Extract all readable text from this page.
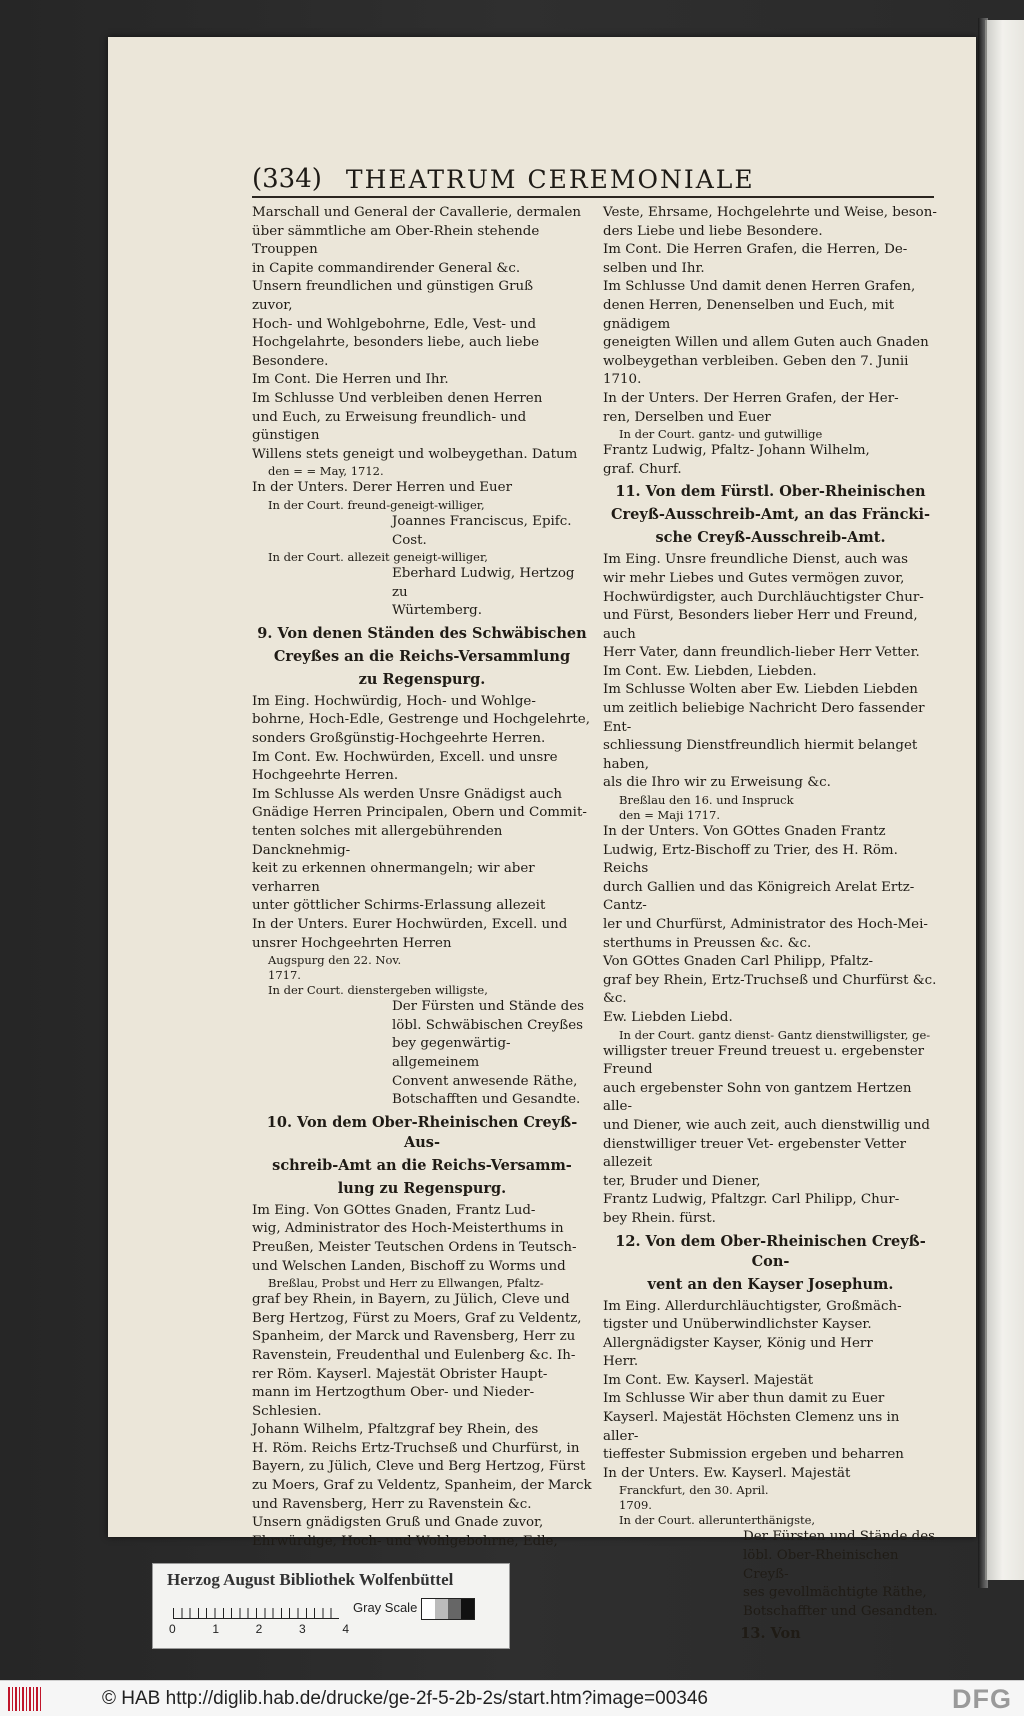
(334) THEATRUM CEREMONIALE

Marschall und General der Cavallerie, dermalen

über sämmtliche am Ober-Rhein stehende Trouppen

in Capite commandirender General &c.

Unsern freundlichen und günstigen Gruß

zuvor,

Hoch- und Wohlgebohrne, Edle, Vest- und

Hochgelahrte, besonders liebe, auch liebe Besondere.

Im Cont. Die Herren und Ihr.

Im Schlusse Und verbleiben denen Herren

und Euch, zu Erweisung freundlich- und günstigen

Willens stets geneigt und wolbeygethan. Datum

den = = May, 1712.

In der Unters. Derer Herren und Euer

In der Court. freund-geneigt-williger,

Joannes Franciscus, Epifc. Cost.

In der Court. allezeit geneigt-williger,

Eberhard Ludwig, Hertzog zu

Würtemberg.

9. Von denen Ständen des Schwäbischen

Creyßes an die Reichs-Versammlung

zu Regenspurg.

Im Eing. Hochwürdig, Hoch- und Wohlge-

bohrne, Hoch-Edle, Gestrenge und Hochgelehrte,

sonders Großgünstig-Hochgeehrte Herren.

Im Cont. Ew. Hochwürden, Excell. und unsre

Hochgeehrte Herren.

Im Schlusse Als werden Unsre Gnädigst auch

Gnädige Herren Principalen, Obern und Commit-

tenten solches mit allergebührenden Dancknehmig-

keit zu erkennen ohnermangeln; wir aber verharren

unter göttlicher Schirms-Erlassung allezeit

In der Unters. Eurer Hochwürden, Excell. und

unsrer Hochgeehrten Herren

Augspurg den 22. Nov.

1717.

In der Court. dienstergeben willigste,

Der Fürsten und Stände des

löbl. Schwäbischen Creyßes

bey gegenwärtig-allgemeinem

Convent anwesende Räthe,

Botschafften und Gesandte.

10. Von dem Ober-Rheinischen Creyß-Aus-

schreib-Amt an die Reichs-Versamm-

lung zu Regenspurg.

Im Eing. Von GOttes Gnaden, Frantz Lud-

wig, Administrator des Hoch-Meisterthums in

Preußen, Meister Teutschen Ordens in Teutsch-

und Welschen Landen, Bischoff zu Worms und

Breßlau, Probst und Herr zu Ellwangen, Pfaltz-

graf bey Rhein, in Bayern, zu Jülich, Cleve und

Berg Hertzog, Fürst zu Moers, Graf zu Veldentz,

Spanheim, der Marck und Ravensberg, Herr zu

Ravenstein, Freudenthal und Eulenberg &c. Ih-

rer Röm. Kayserl. Majestät Obrister Haupt-

mann im Hertzogthum Ober- und Nieder-Schlesien.

Johann Wilhelm, Pfaltzgraf bey Rhein, des

H. Röm. Reichs Ertz-Truchseß und Churfürst, in

Bayern, zu Jülich, Cleve und Berg Hertzog, Fürst

zu Moers, Graf zu Veldentz, Spanheim, der Marck

und Ravensberg, Herr zu Ravenstein &c.

Unsern gnädigsten Gruß und Gnade zuvor,

Ehrwürdige, Hoch- und Wohlgebohrne, Edle,

Veste, Ehrsame, Hochgelehrte und Weise, beson-

ders Liebe und liebe Besondere.

Im Cont. Die Herren Grafen, die Herren, De-

selben und Ihr.

Im Schlusse Und damit denen Herren Grafen,

denen Herren, Denenselben und Euch, mit gnädigem

geneigten Willen und allem Guten auch Gnaden

wolbeygethan verbleiben. Geben den 7. Junii 1710.

In der Unters. Der Herren Grafen, der Her-

ren, Derselben und Euer

In der Court. gantz- und gutwillige

Frantz Ludwig, Pfaltz- Johann Wilhelm,

graf. Churf.

11. Von dem Fürstl. Ober-Rheinischen

Creyß-Ausschreib-Amt, an das Fräncki-

sche Creyß-Ausschreib-Amt.

Im Eing. Unsre freundliche Dienst, auch was

wir mehr Liebes und Gutes vermögen zuvor,

Hochwürdigster, auch Durchläuchtigster Chur-

und Fürst, Besonders lieber Herr und Freund, auch

Herr Vater, dann freundlich-lieber Herr Vetter.

Im Cont. Ew. Liebden, Liebden.

Im Schlusse Wolten aber Ew. Liebden Liebden

um zeitlich beliebige Nachricht Dero fassender Ent-

schliessung Dienstfreundlich hiermit belanget haben,

als die Ihro wir zu Erweisung &c.

Breßlau den 16. und Inspruck

den = Maji 1717.

In der Unters. Von GOttes Gnaden Frantz

Ludwig, Ertz-Bischoff zu Trier, des H. Röm. Reichs

durch Gallien und das Königreich Arelat Ertz-Cantz-

ler und Churfürst, Administrator des Hoch-Mei-

sterthums in Preussen &c. &c.

Von GOttes Gnaden Carl Philipp, Pfaltz-

graf bey Rhein, Ertz-Truchseß und Churfürst &c. &c.

Ew. Liebden Liebd.

In der Court. gantz dienst- Gantz dienstwilligster, ge-

willigster treuer Freund treuest u. ergebenster Freund

auch ergebenster Sohn von gantzem Hertzen alle-

und Diener, wie auch zeit, auch dienstwillig und

dienstwilliger treuer Vet- ergebenster Vetter allezeit

ter, Bruder und Diener,

Frantz Ludwig, Pfaltzgr. Carl Philipp, Chur-

bey Rhein. fürst.

12. Von dem Ober-Rheinischen Creyß-Con-

vent an den Kayser Josephum.

Im Eing. Allerdurchläuchtigster, Großmäch-

tigster und Unüberwindlichster Kayser.

Allergnädigster Kayser, König und Herr

Herr.

Im Cont. Ew. Kayserl. Majestät

Im Schlusse Wir aber thun damit zu Euer

Kayserl. Majestät Höchsten Clemenz uns in aller-

tieffester Submission ergeben und beharren

In der Unters. Ew. Kayserl. Majestät

Franckfurt, den 30. April.

1709.

In der Court. allerunterthänigste,

Der Fürsten und Stände des

löbl. Ober-Rheinischen Creyß-

ses gevollmächtigte Räthe,

Botschaffter und Gesandten.

13. Von

Herzog August Bibliothek Wolfenbüttel
0	1	2	3	4
Gray Scale
© HAB http://diglib.hab.de/drucke/ge-2f-5-2b-2s/start.htm?image=00346	DFG
